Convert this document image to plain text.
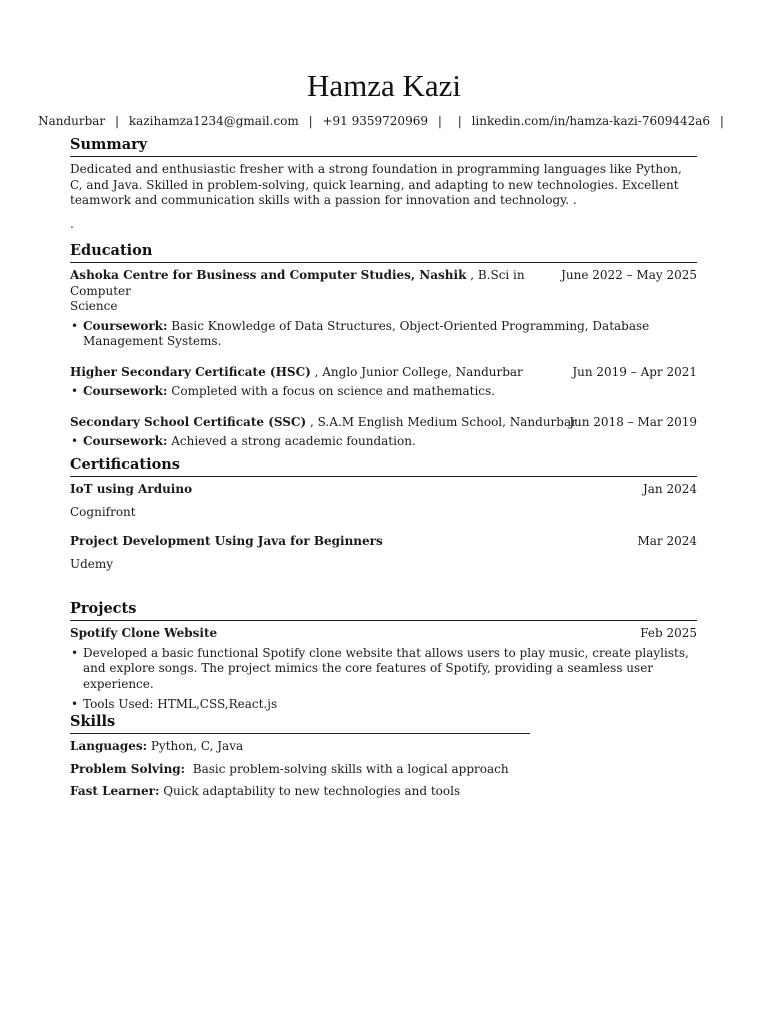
Hamza Kazi
Nandurbar | kazihamza1234@gmail.com | +91 9359720969 | | linkedin.com/in/hamza-kazi-7609442a6 |
Summary
Dedicated and enthusiastic fresher with a strong foundation in programming languages like Python, C, and Java. Skilled in problem-solving, quick learning, and adapting to new technologies. Excellent teamwork and communication skills with a passion for innovation and technology. .
.
Education
Ashoka Centre for Business and Computer Studies, Nashik , B.Sci in Computer
Science
June 2022 – May 2025
• Coursework: Basic Knowledge of Data Structures, Object-Oriented Programming, Database Management Systems.
Higher Secondary Certificate (HSC) , Anglo Junior College, Nandurbar	Jun 2019 – Apr 2021
• Coursework: Completed with a focus on science and mathematics.
Secondary School Certificate (SSC) , S.A.M English Medium School, Nandurbar
Jun 2018 – Mar 2019
• Coursework: Achieved a strong academic foundation.
Certifications
IoT using Arduino	Jan 2024
Cognifront
Project Development Using Java for Beginners	Mar 2024
Udemy
Projects
Spotify Clone Website	Feb 2025
• Developed a basic functional Spotify clone website that allows users to play music, create playlists, and explore songs. The project mimics the core features of Spotify, providing a seamless user experience.
• Tools Used: HTML,CSS,React.js
Skills
Languages: Python, C, Java
Problem Solving:  Basic problem-solving skills with a logical approach
Fast Learner: Quick adaptability to new technologies and tools
